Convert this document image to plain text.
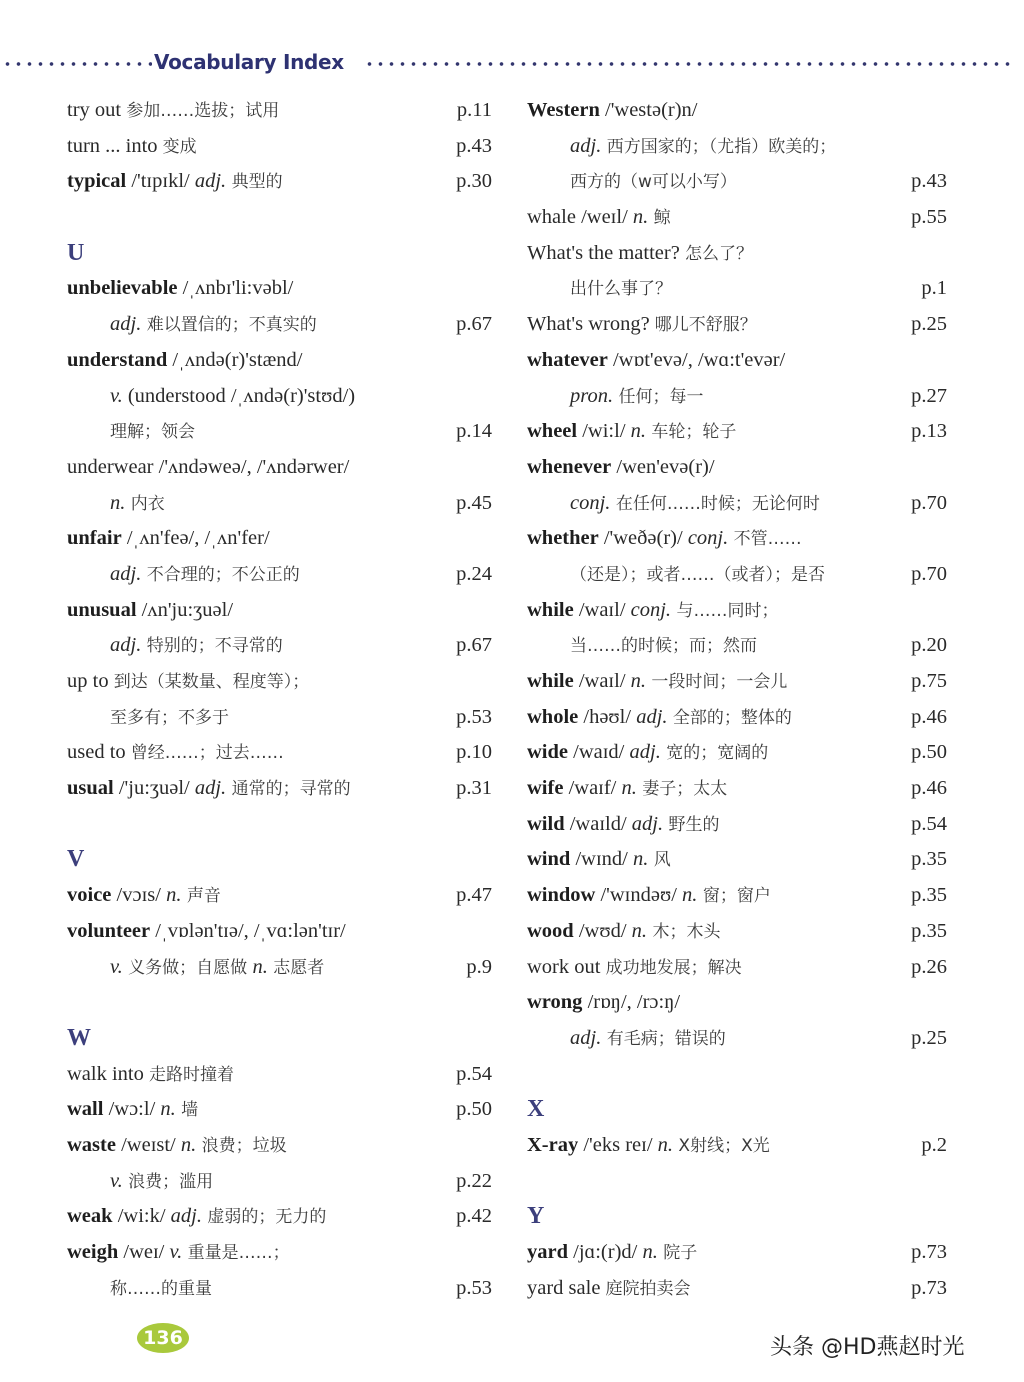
Vocabulary Index
try out 参加……选拔；试用	p.11
turn ... into 变成	p.43
typical /'tɪpɪkl/ adj. 典型的	p.30
U
unbelievable /ˌʌnbɪ'li:vəbl/
adj. 难以置信的；不真实的	p.67
understand /ˌʌndə(r)'stænd/
v. (understood /ˌʌndə(r)'stʊd/)
理解；领会	p.14
underwear /'ʌndəweə/, /'ʌndərwer/
n. 内衣	p.45
unfair /ˌʌn'feə/, /ˌʌn'fer/
adj. 不合理的；不公正的	p.24
unusual /ʌn'ju:ʒuəl/
adj. 特别的；不寻常的	p.67
up to 到达（某数量、程度等）；
至多有；不多于	p.53
used to 曾经……；过去……	p.10
usual /'ju:ʒuəl/ adj. 通常的；寻常的	p.31
V
voice /vɔɪs/ n. 声音	p.47
volunteer /ˌvɒlən'tɪə/, /ˌvɑ:lən'tɪr/
v. 义务做；自愿做 n. 志愿者	p.9
W
walk into 走路时撞着	p.54
wall /wɔ:l/ n. 墙	p.50
waste /weɪst/ n. 浪费；垃圾
v. 浪费；滥用	p.22
weak /wi:k/ adj. 虚弱的；无力的	p.42
weigh /weɪ/ v. 重量是……；
称……的重量	p.53
Western /'westə(r)n/
adj. 西方国家的；（尤指）欧美的；
西方的（w可以小写）	p.43
whale /weɪl/ n. 鲸	p.55
What's the matter? 怎么了？
出什么事了？	p.1
What's wrong? 哪儿不舒服？	p.25
whatever /wɒt'evə/, /wɑ:t'evər/
pron. 任何；每一	p.27
wheel /wi:l/ n. 车轮；轮子	p.13
whenever /wen'evə(r)/
conj. 在任何……时候；无论何时	p.70
whether /'weðə(r)/ conj. 不管……
（还是）；或者……（或者）；是否	p.70
while /waɪl/ conj. 与……同时；
当……的时候；而；然而	p.20
while /waɪl/ n. 一段时间；一会儿	p.75
whole /həʊl/ adj. 全部的；整体的	p.46
wide /waɪd/ adj. 宽的；宽阔的	p.50
wife /waɪf/ n. 妻子；太太	p.46
wild /waɪld/ adj. 野生的	p.54
wind /wɪnd/ n. 风	p.35
window /'wɪndəʊ/ n. 窗；窗户	p.35
wood /wʊd/ n. 木；木头	p.35
work out 成功地发展；解决	p.26
wrong /rɒŋ/, /rɔ:ŋ/
adj. 有毛病；错误的	p.25
X
X-ray /'eks reɪ/ n. X射线；X光	p.2
Y
yard /jɑ:(r)d/ n. 院子	p.73
yard sale 庭院拍卖会	p.73
136	头条 @HD燕赵时光
